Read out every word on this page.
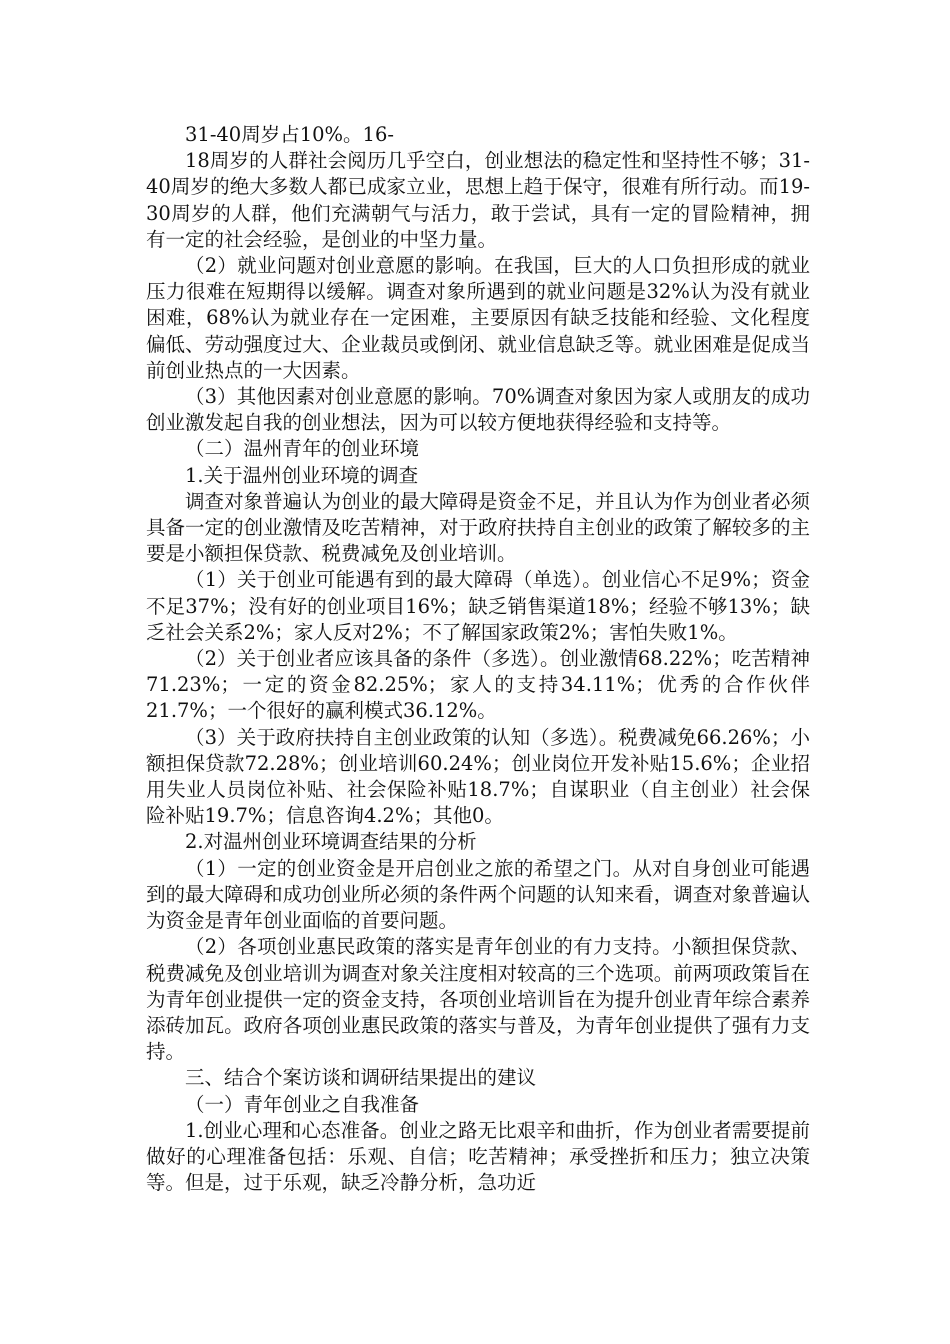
31-40周岁占10%。16-

18周岁的人群社会阅历几乎空白，创业想法的稳定性和坚持性不够；31-40周岁的绝大多数人都已成家立业，思想上趋于保守，很难有所行动。而19-30周岁的人群，他们充满朝气与活力，敢于尝试，具有一定的冒险精神，拥有一定的社会经验，是创业的中坚力量。

（2）就业问题对创业意愿的影响。在我国，巨大的人口负担形成的就业压力很难在短期得以缓解。调查对象所遇到的就业问题是32%认为没有就业困难，68%认为就业存在一定困难，主要原因有缺乏技能和经验、文化程度偏低、劳动强度过大、企业裁员或倒闭、就业信息缺乏等。就业困难是促成当前创业热点的一大因素。

（3）其他因素对创业意愿的影响。70%调查对象因为家人或朋友的成功创业激发起自我的创业想法，因为可以较方便地获得经验和支持等。

（二）温州青年的创业环境

1.关于温州创业环境的调查

调查对象普遍认为创业的最大障碍是资金不足，并且认为作为创业者必须具备一定的创业激情及吃苦精神，对于政府扶持自主创业的政策了解较多的主要是小额担保贷款、税费减免及创业培训。

（1）关于创业可能遇有到的最大障碍（单选）。创业信心不足9%；资金不足37%；没有好的创业项目16%；缺乏销售渠道18%；经验不够13%；缺乏社会关系2%；家人反对2%；不了解国家政策2%；害怕失败1%。

（2）关于创业者应该具备的条件（多选）。创业激情68.22%；吃苦精神71.23%；一定的资金82.25%；家人的支持34.11%；优秀的合作伙伴21.7%；一个很好的赢利模式36.12%。

（3）关于政府扶持自主创业政策的认知（多选）。税费减免66.26%；小额担保贷款72.28%；创业培训60.24%；创业岗位开发补贴15.6%；企业招用失业人员岗位补贴、社会保险补贴18.7%；自谋职业（自主创业）社会保险补贴19.7%；信息咨询4.2%；其他0。

2.对温州创业环境调查结果的分析

（1）一定的创业资金是开启创业之旅的希望之门。从对自身创业可能遇到的最大障碍和成功创业所必须的条件两个问题的认知来看，调查对象普遍认为资金是青年创业面临的首要问题。

（2）各项创业惠民政策的落实是青年创业的有力支持。小额担保贷款、税费减免及创业培训为调查对象关注度相对较高的三个选项。前两项政策旨在为青年创业提供一定的资金支持，各项创业培训旨在为提升创业青年综合素养添砖加瓦。政府各项创业惠民政策的落实与普及，为青年创业提供了强有力支持。

三、结合个案访谈和调研结果提出的建议

（一）青年创业之自我准备

1.创业心理和心态准备。创业之路无比艰辛和曲折，作为创业者需要提前做好的心理准备包括：乐观、自信；吃苦精神；承受挫折和压力；独立决策等。但是，过于乐观，缺乏冷静分析，急功近
